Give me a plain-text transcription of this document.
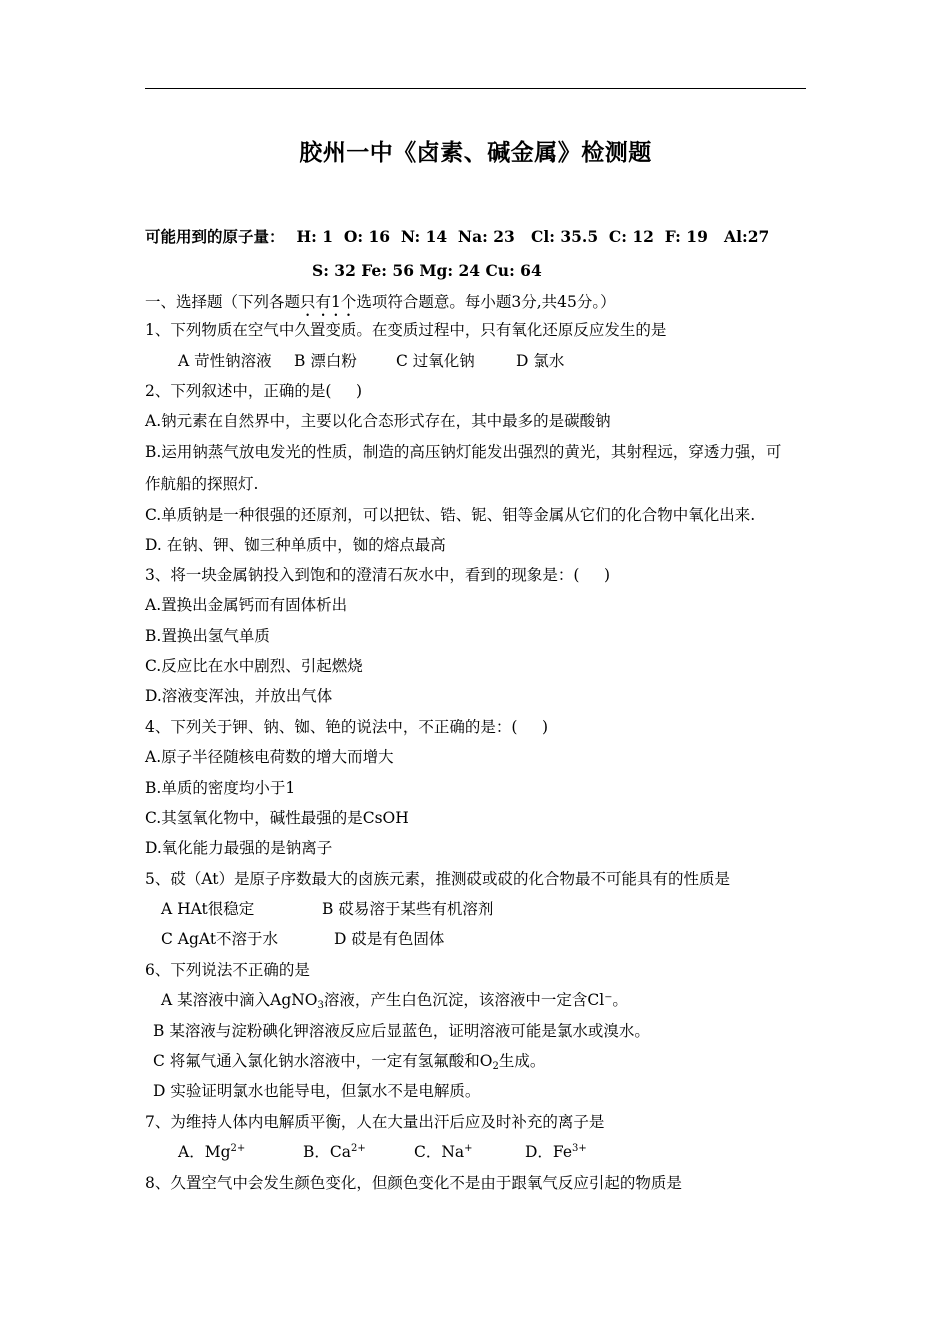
胶州一中《卤素、碱金属》检测题
可能用到的原子量： H: 1  O: 16  N: 14  Na: 23   Cl: 35.5  C: 12  F: 19   Al:27
S: 32 Fe: 56 Mg: 24 Cu: 64
一、选择题（下列各题只有1个选项符合题意。每小题3分,共45分。）
1、下列物质在空气中久置变质。在变质过程中，只有氧化还原反应发生的是
A 苛性钠溶液 B 漂白粉	C 过氧化钠	D 氯水
2、下列叙述中，正确的是(     )
A.钠元素在自然界中，主要以化合态形式存在，其中最多的是碳酸钠
B.运用钠蒸气放电发光的性质，制造的高压钠灯能发出强烈的黄光，其射程远，穿透力强，可
作航船的探照灯.
C.单质钠是一种很强的还原剂，可以把钛、锆、铌、钼等金属从它们的化合物中氧化出来.
D. 在钠、钾、铷三种单质中，铷的熔点最高
3、将一块金属钠投入到饱和的澄清石灰水中，看到的现象是：(     )
A.置换出金属钙而有固体析出
B.置换出氢气单质
C.反应比在水中剧烈、引起燃烧
D.溶液变浑浊，并放出气体
4、下列关于钾、钠、铷、铯的说法中，不正确的是：(     )
A.原子半径随核电荷数的增大而增大
B.单质的密度均小于1
C.其氢氧化物中，碱性最强的是CsOH
D.氧化能力最强的是钠离子
5、砹（At）是原子序数最大的卤族元素，推测砹或砹的化合物最不可能具有的性质是
A HAt很稳定	B 砹易溶于某些有机溶剂
C AgAt不溶于水	D 砹是有色固体
6、下列说法不正确的是
A 某溶液中滴入AgNO$_3$溶液，产生白色沉淀，该溶液中一定含Cl⁻。
B 某溶液与淀粉碘化钾溶液反应后显蓝色，证明溶液可能是氯水或溴水。
C 将氟气通入氯化钠水溶液中，一定有氢氟酸和$O_2$生成。
D 实验证明氯水也能导电，但氯水不是电解质。
7、为维持人体内电解质平衡，人在大量出汗后应及时补充的离子是
A．$Mg^{2+}$	B．$Ca^{2+}$	C．Na+	D．$Fe^{3+}$
8、久置空气中会发生颜色变化，但颜色变化不是由于跟氧气反应引起的物质是
